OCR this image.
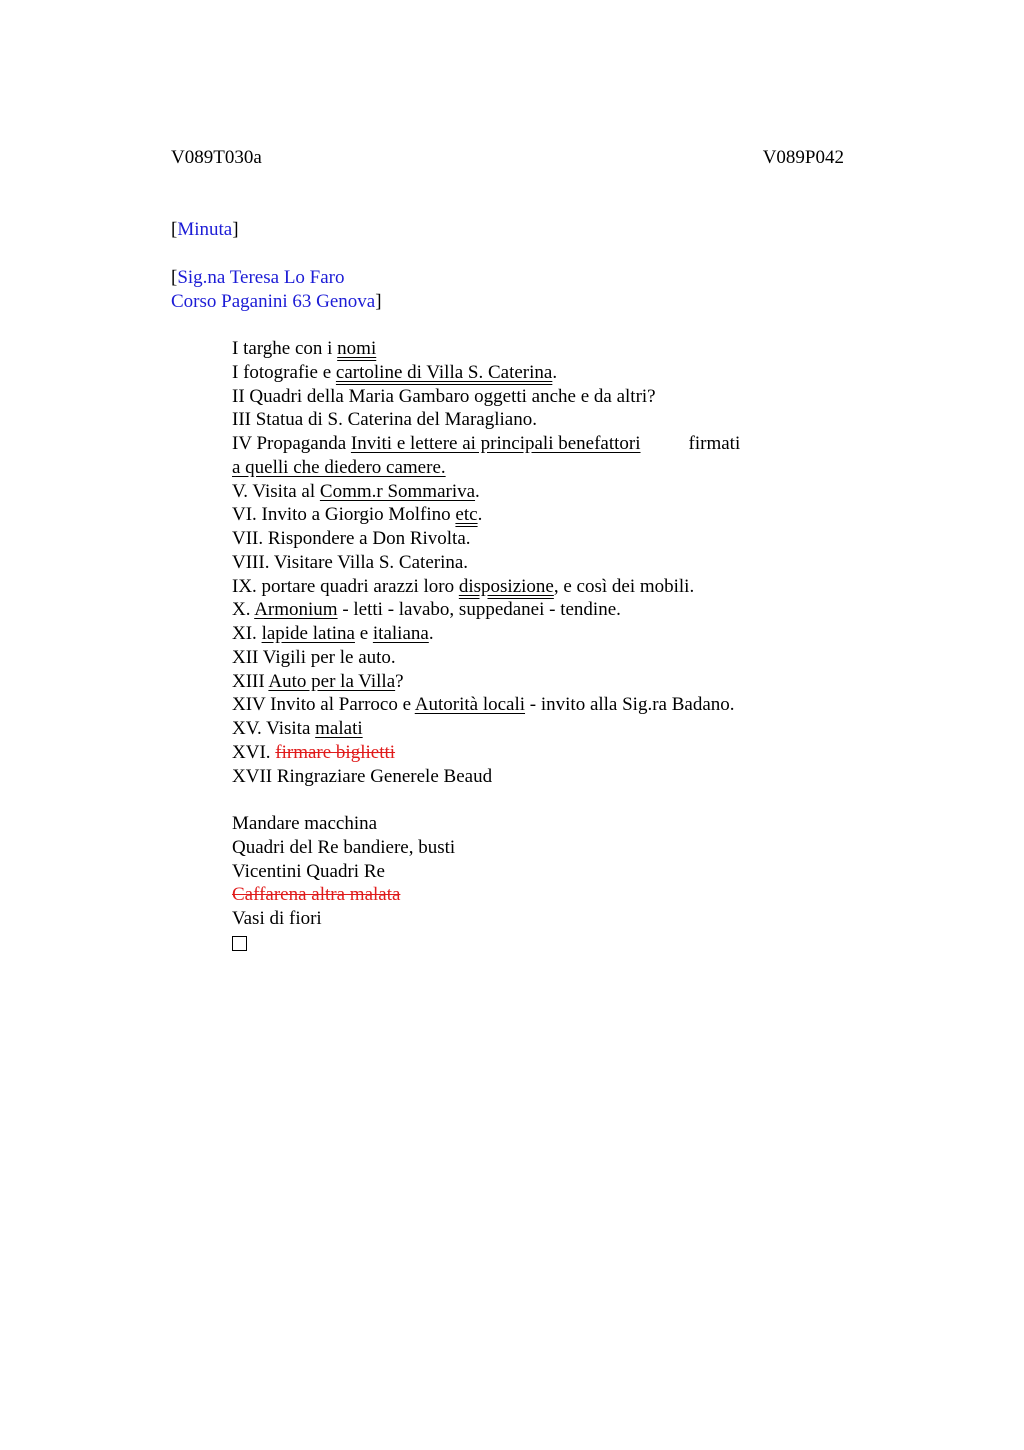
V089T030a	V089P042
[Minuta]
[Sig.na Teresa Lo Faro
Corso Paganini 63 Genova]
I targhe con i nomi
I fotografie e cartoline di Villa S. Caterina.
II Quadri della Maria Gambaro oggetti anche e da altri?
III Statua di S. Caterina del Maragliano.
IV Propaganda Inviti e lettere ai principali benefattori	firmati
a quelli che diedero camere.
V. Visita al Comm.r Sommariva.
VI. Invito a Giorgio Molfino etc.
VII. Rispondere a Don Rivolta.
VIII. Visitare Villa S. Caterina.
IX. portare quadri arazzi loro disposizione, e così dei mobili.
X. Armonium - letti - lavabo, suppedanei - tendine.
XI. lapide latina e italiana.
XII Vigili per le auto.
XIII Auto per la Villa?
XIV Invito al Parroco e Autorità locali - invito alla Sig.ra Badano.
XV. Visita malati
XVI. firmare biglietti
XVII Ringraziare Generele Beaud
Mandare macchina
Quadri del Re bandiere, busti
Vicentini Quadri Re
Caffarena altra malata
Vasi di fiori
